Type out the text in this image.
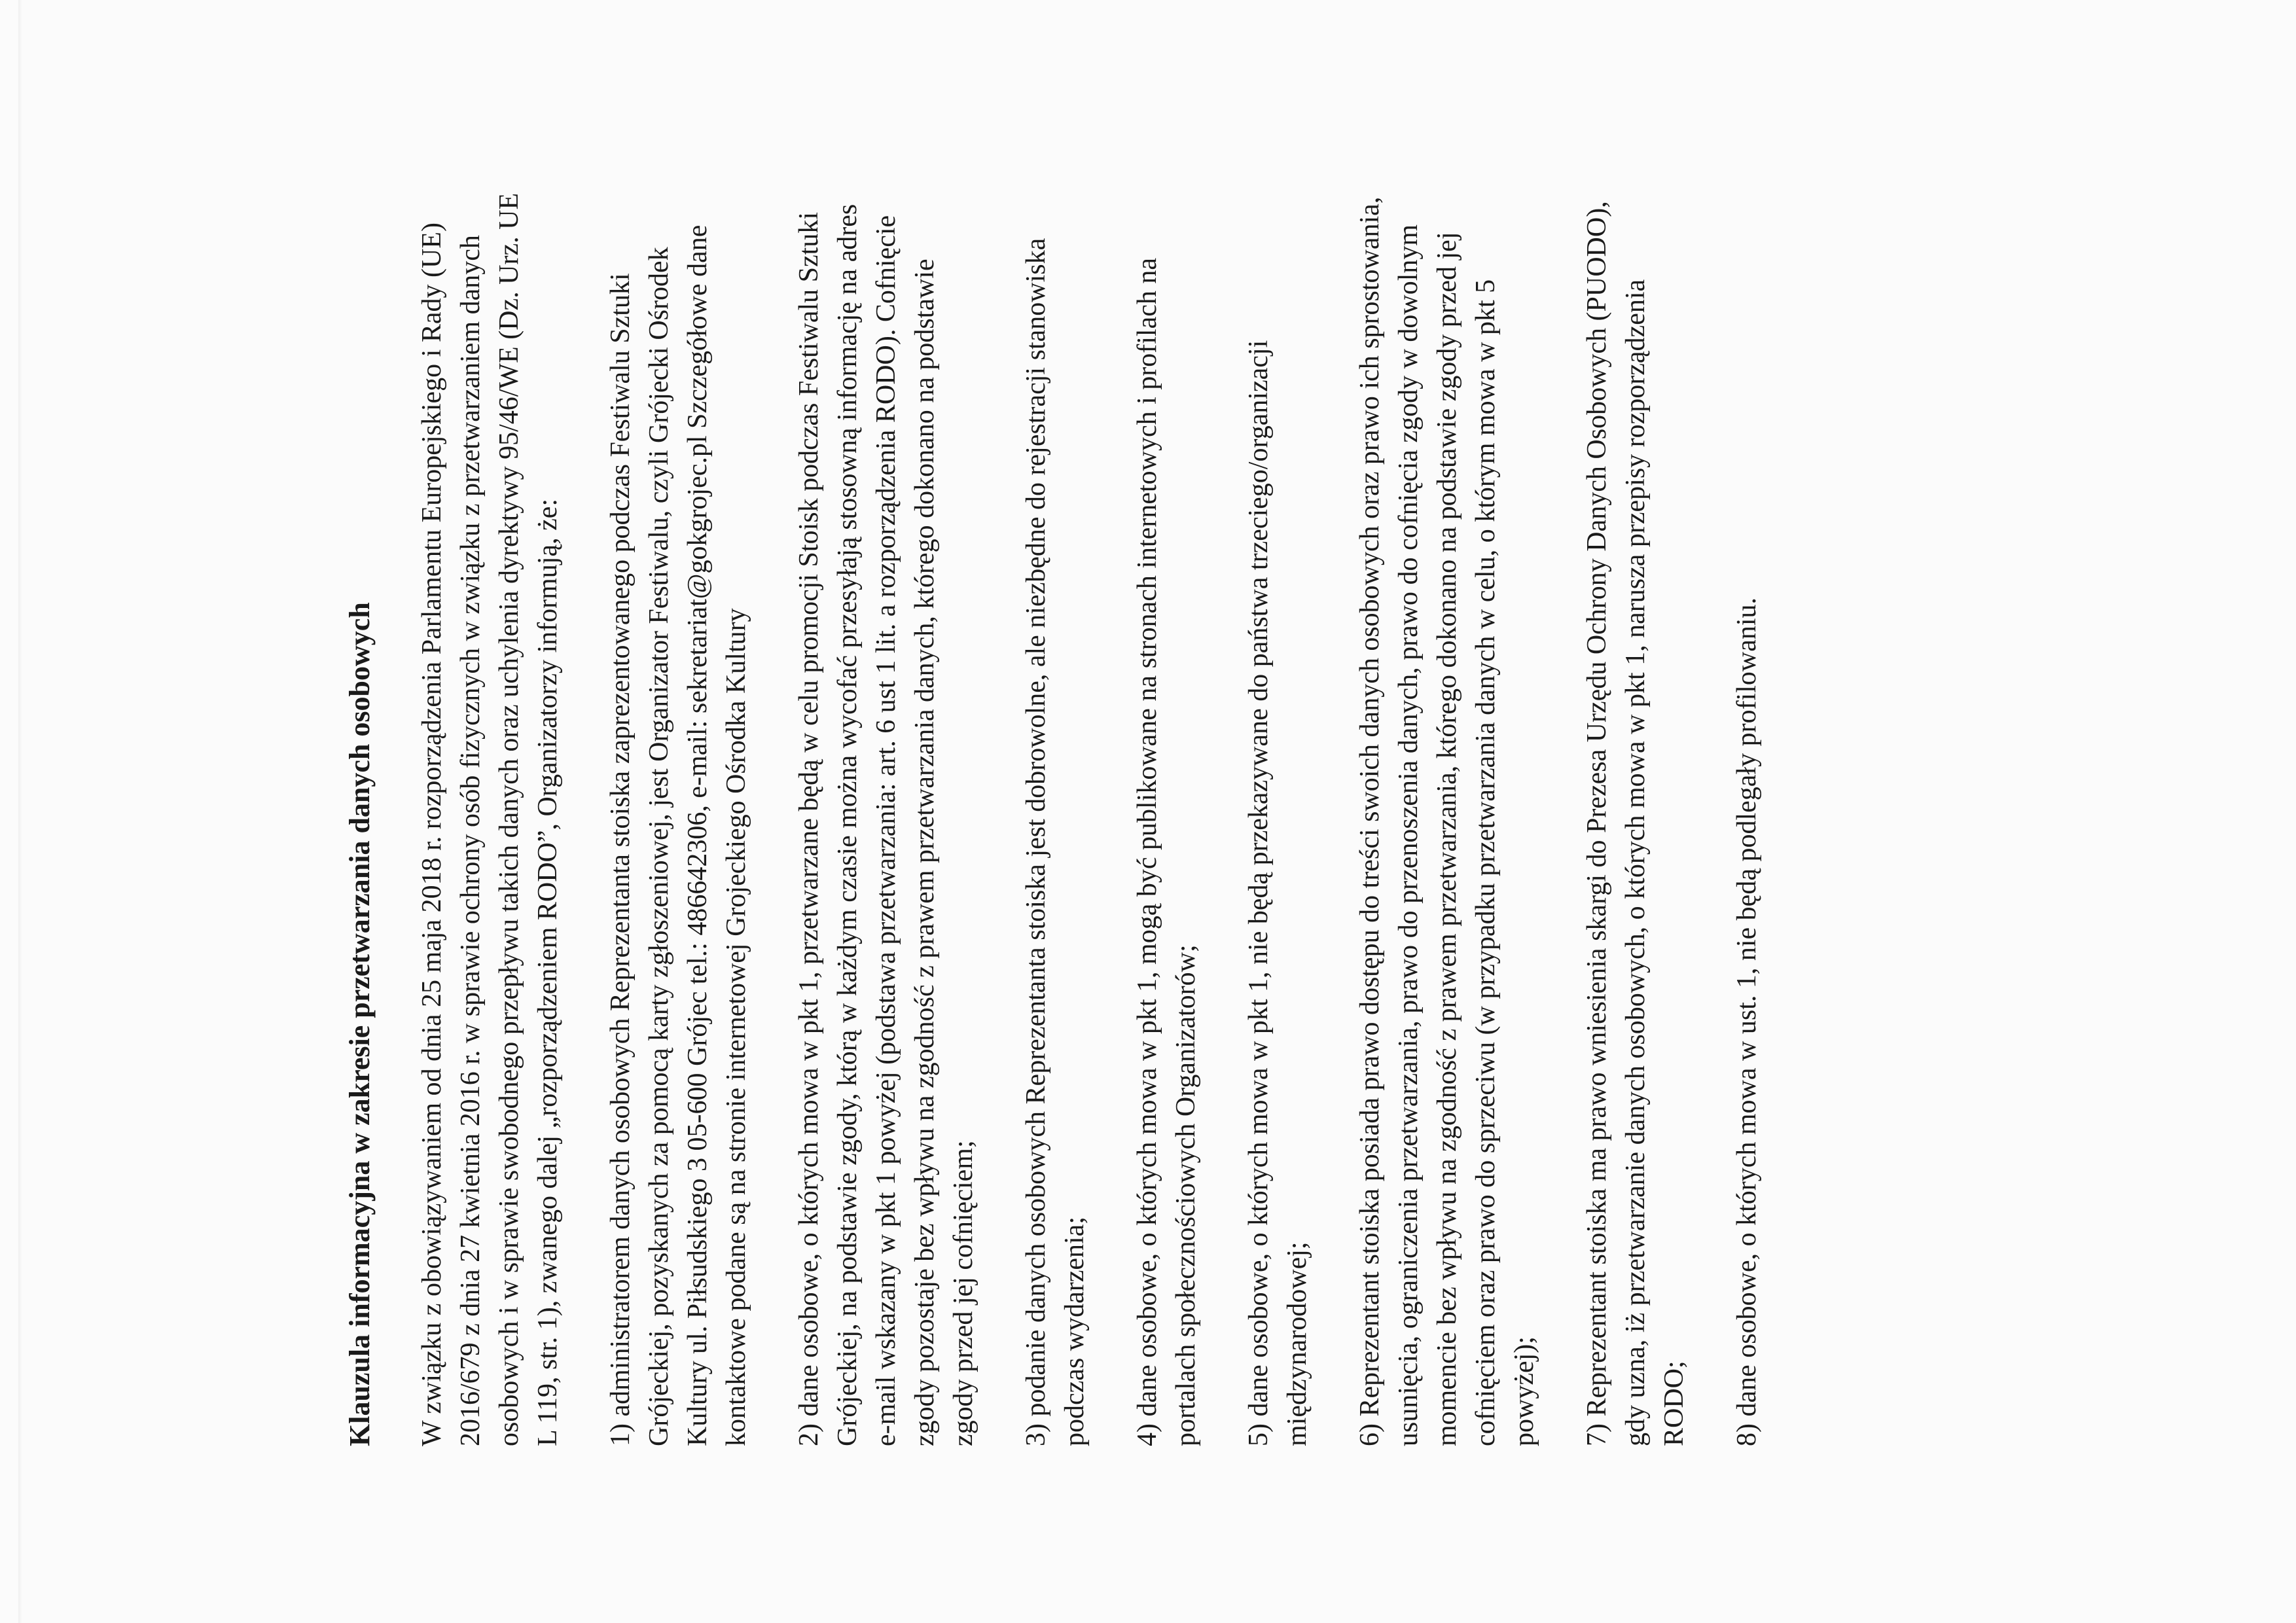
Klauzula informacyjna w zakresie przetwarzania danych osobowych W związku z obowiązywaniem od dnia 25 maja 2018 r. rozporządzenia Parlamentu Europejskiego i Rady (UE) 2016/679 z dnia 27 kwietnia 2016 r. w sprawie ochrony osób fizycznych w związku z przetwarzaniem danych osobowych i w sprawie swobodnego przepływu takich danych oraz uchylenia dyrektywy 95/46/WE (Dz. Urz. UE L 119, str. 1), zwanego dalej „rozporządzeniem RODO”, Organizatorzy informują, że: 1) administratorem danych osobowych Reprezentanta stoiska zaprezentowanego podczas Festiwalu Sztuki Grójeckiej, pozyskanych za pomocą karty zgłoszeniowej, jest Organizator Festiwalu, czyli Grójecki Ośrodek Kultury ul. Piłsudskiego 3 05-600 Grójec tel.: 486642306, e-mail: sekretariat@gokgrojec.pl Szczegółowe dane kontaktowe podane są na stronie internetowej Grojeckiego Ośrodka Kultury 2) dane osobowe, o których mowa w pkt 1, przetwarzane będą w celu promocji Stoisk podczas Festiwalu Sztuki Grójeckiej, na podstawie zgody, którą w każdym czasie można wycofać przesyłają stosowną informację na adres e-mail wskazany w pkt 1 powyżej (podstawa przetwarzania: art. 6 ust 1 lit. a rozporządzenia RODO). Cofnięcie zgody pozostaje bez wpływu na zgodność z prawem przetwarzania danych, którego dokonano na podstawie zgody przed jej cofnięciem; 3) podanie danych osobowych Reprezentanta stoiska jest dobrowolne, ale niezbędne do rejestracji stanowiska podczas wydarzenia; 4) dane osobowe, o których mowa w pkt 1, mogą być publikowane na stronach internetowych i profilach na portalach społecznościowych Organizatorów; 5) dane osobowe, o których mowa w pkt 1, nie będą przekazywane do państwa trzeciego/organizacji międzynarodowej; 6) Reprezentant stoiska posiada prawo dostępu do treści swoich danych osobowych oraz prawo ich sprostowania, usunięcia, ograniczenia przetwarzania, prawo do przenoszenia danych, prawo do cofnięcia zgody w dowolnym momencie bez wpływu na zgodność z prawem przetwarzania, którego dokonano na podstawie zgody przed jej cofnięciem oraz prawo do sprzeciwu (w przypadku przetwarzania danych w celu, o którym mowa w pkt 5 powyżej); 7) Reprezentant stoiska ma prawo wniesienia skargi do Prezesa Urzędu Ochrony Danych Osobowych (PUODO), gdy uzna, iż przetwarzanie danych osobowych, o których mowa w pkt 1, narusza przepisy rozporządzenia RODO; 8) dane osobowe, o których mowa w ust. 1, nie będą podlegały profilowaniu.
